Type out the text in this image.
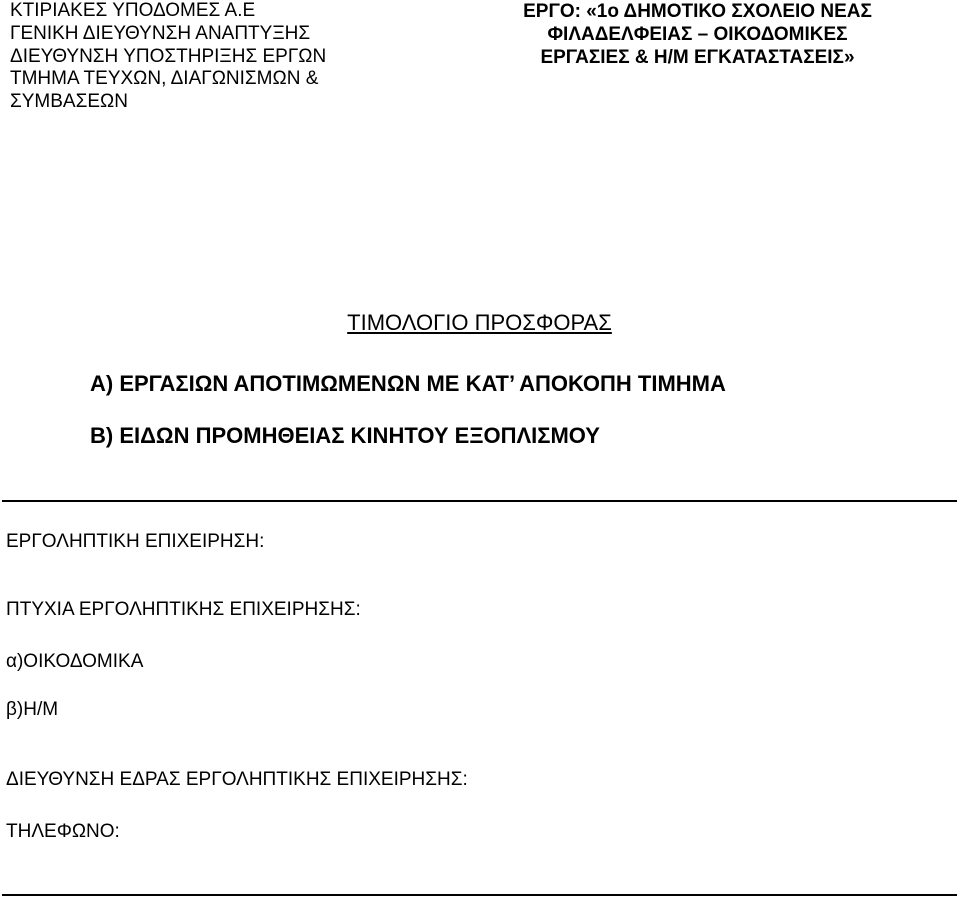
ΚΤΙΡΙΑΚΕΣ ΥΠΟΔΟΜΕΣ Α.Ε
ΓΕΝΙΚΗ ΔΙΕΥΘΥΝΣΗ ΑΝΑΠΤΥΞΗΣ
ΔΙΕΥΘΥΝΣΗ ΥΠΟΣΤΗΡΙΞΗΣ ΕΡΓΩΝ
ΤΜΗΜΑ ΤΕΥΧΩΝ, ΔΙΑΓΩΝΙΣΜΩΝ &
ΣΥΜΒΑΣΕΩΝ
ΕΡΓΟ: «1ο ΔΗΜΟΤΙΚΟ ΣΧΟΛΕΙΟ ΝΕΑΣ
ΦΙΛΑΔΕΛΦΕΙΑΣ – ΟΙΚΟΔΟΜΙΚΕΣ
ΕΡΓΑΣΙΕΣ & Η/Μ ΕΓΚΑΤΑΣΤΑΣΕΙΣ»
ΤΙΜΟΛΟΓΙΟ ΠΡΟΣΦΟΡΑΣ
Α) ΕΡΓΑΣΙΩΝ ΑΠΟΤΙΜΩΜΕΝΩΝ ΜΕ ΚΑΤ’ ΑΠΟΚΟΠΗ ΤΙΜΗΜΑ
Β) ΕΙΔΩΝ ΠΡΟΜΗΘΕΙΑΣ ΚΙΝΗΤΟΥ ΕΞΟΠΛΙΣΜΟΥ
ΕΡΓΟΛΗΠΤΙΚΗ ΕΠΙΧΕΙΡΗΣΗ:
ΠΤΥΧΙΑ ΕΡΓΟΛΗΠΤΙΚΗΣ ΕΠΙΧΕΙΡΗΣΗΣ:
α)ΟΙΚΟΔΟΜΙΚΑ
β)Η/Μ
ΔΙΕΥΘΥΝΣΗ ΕΔΡΑΣ ΕΡΓΟΛΗΠΤΙΚΗΣ ΕΠΙΧΕΙΡΗΣΗΣ:
ΤΗΛΕΦΩΝΟ:
